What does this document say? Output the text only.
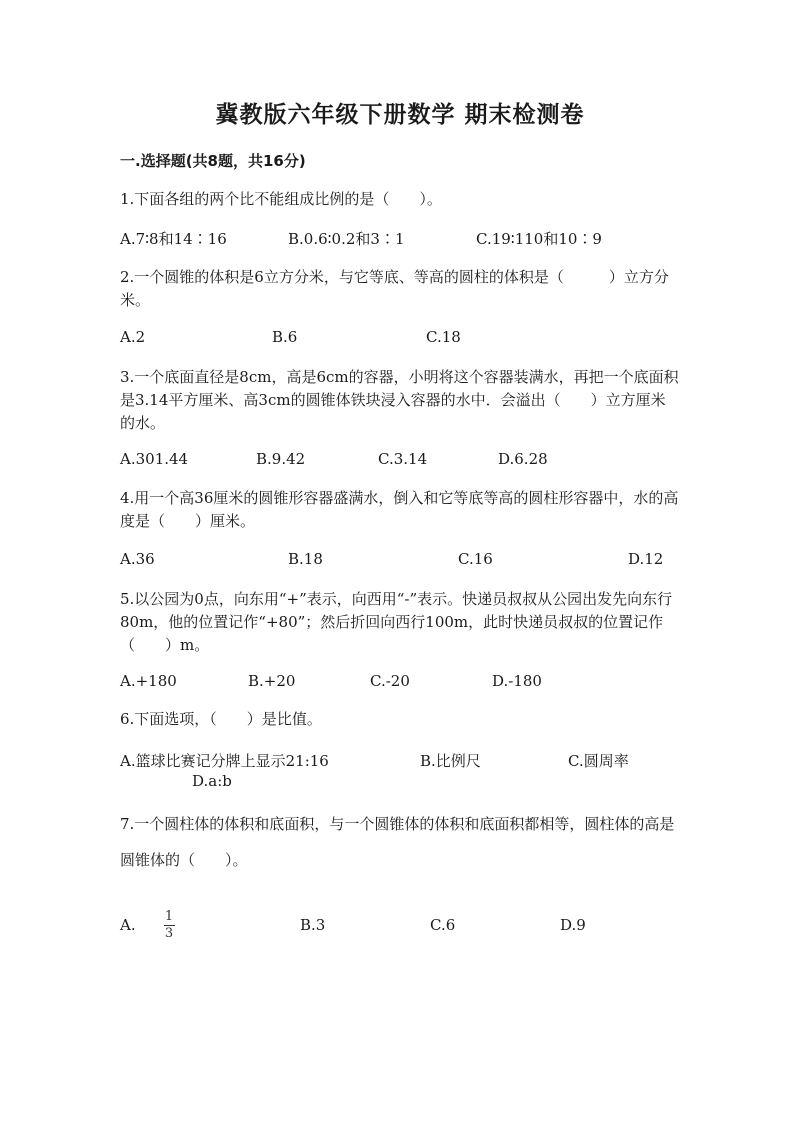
冀教版六年级下册数学 期末检测卷
一.选择题(共8题，共16分)
1.下面各组的两个比不能组成比例的是（　　）。
A.7∶8和14∶16	B.0.6∶0.2和3∶1	C.19∶110和10∶9
2.一个圆锥的体积是6立方分米，与它等底、等高的圆柱的体积是（　　　）立方分米。
A.2	B.6	C.18
3.一个底面直径是8cm，高是6cm的容器，小明将这个容器装满水，再把一个底面积是3.14平方厘米、高3cm的圆锥体铁块浸入容器的水中．会溢出（　　）立方厘米的水。
A.301.44	B.9.42	C.3.14	D.6.28
4.用一个高36厘米的圆锥形容器盛满水，倒入和它等底等高的圆柱形容器中，水的高度是（　　）厘米。
A.36	B.18	C.16	D.12
5.以公园为0点，向东用“+”表示，向西用“-”表示。快递员叔叔从公园出发先向东行80m，他的位置记作“+80”；然后折回向西行100m，此时快递员叔叔的位置记作（　　）m。
A.+180	B.+20	C.-20	D.-180
6.下面选项，（　　）是比值。
A.篮球比赛记分牌上显示21:16	B.比例尺	C.圆周率
D.a:b
7.一个圆柱体的体积和底面积，与一个圆锥体的体积和底面积都相等，圆柱体的高是圆锥体的（　　）。
A.	B.3	C.6	D.9
1
3
